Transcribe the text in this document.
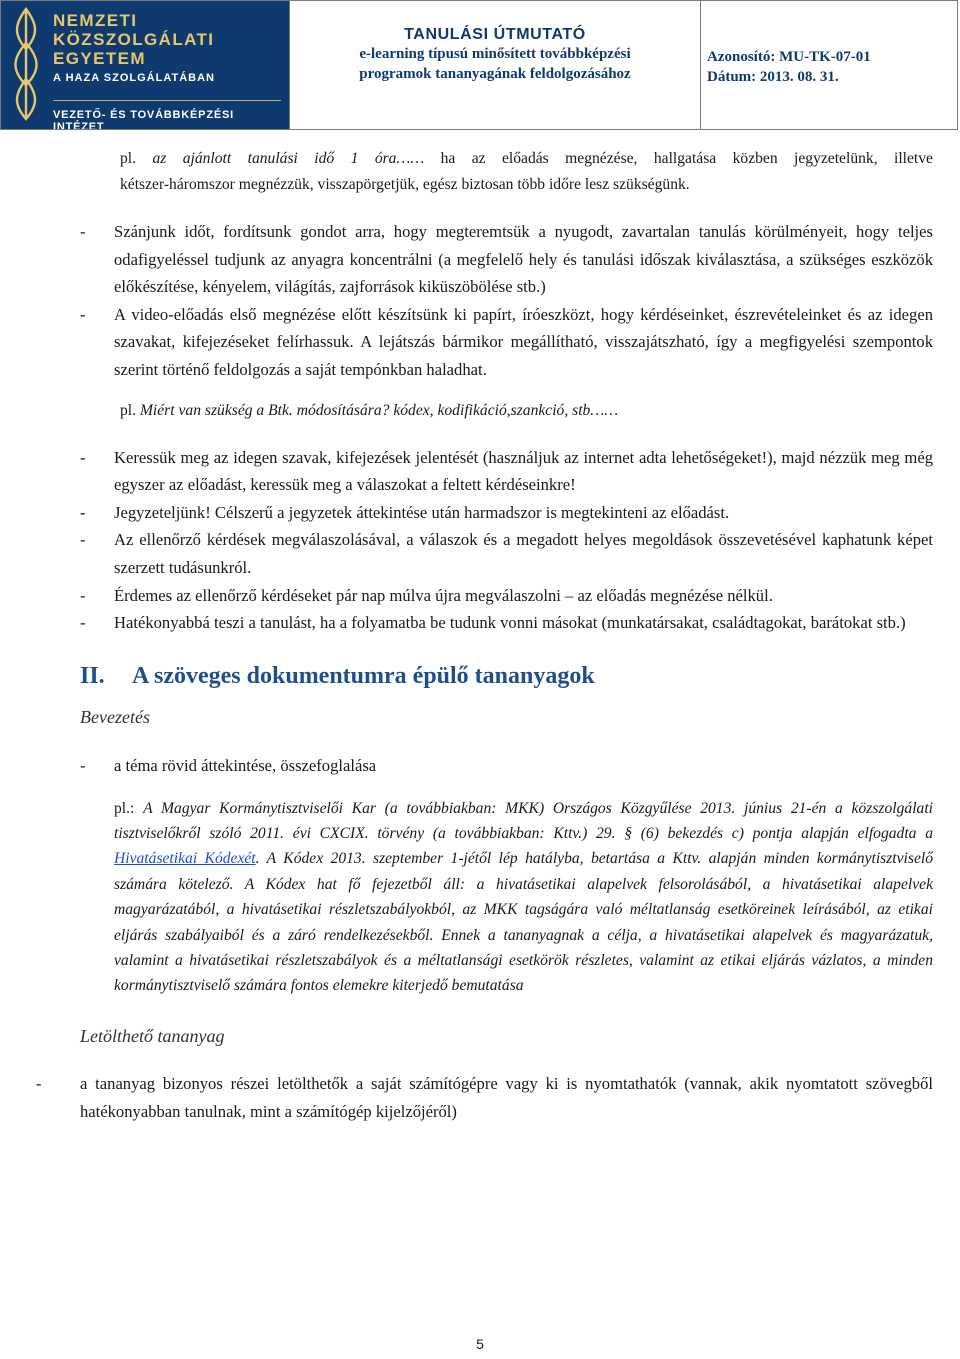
NEMZETI
KÖZSZOLGÁLATI EGYETEM
A HAZA SZOLGÁLATÁBAN
VEZETŐ- ÉS TOVÁBBKÉPZÉSI INTÉZET
TANULÁSI ÚTMUTATÓ
e-learning típusú minősített továbbképzési
programok tananyagának feldolgozásához
Azonosító: MU-TK-07-01
Dátum: 2013. 08. 31.

pl. az ajánlott tanulási idő 1 óra…… ha az előadás megnézése, hallgatása közben jegyzetelünk, illetve

kétszer-háromszor megnézzük, visszapörgetjük, egész biztosan több időre lesz szükségünk.

- Szánjunk időt, fordítsunk gondot arra, hogy megteremtsük a nyugodt, zavartalan tanulás körülményeit, hogy teljes odafigyeléssel tudjunk az anyagra koncentrálni (a megfelelő hely és tanulási időszak kiválasztása, a szükséges eszközök előkészítése, kényelem, világítás, zajforrások kiküszöbölése stb.)

- A video-előadás első megnézése előtt készítsünk ki papírt, íróeszközt, hogy kérdéseinket, észrevételeinket és az idegen szavakat, kifejezéseket felírhassuk. A lejátszás bármikor megállítható, visszajátszható, így a megfigyelési szempontok szerint történő feldolgozás a saját tempónkban haladhat.

pl. Miért van szükség a Btk. módosítására? kódex, kodifikáció,szankció, stb……

- Keressük meg az idegen szavak, kifejezések jelentését (használjuk az internet adta lehetőségeket!), majd nézzük meg még egyszer az előadást, keressük meg a válaszokat a feltett kérdéseinkre!

- Jegyzeteljünk! Célszerű a jegyzetek áttekintése után harmadszor is megtekinteni az előadást.

- Az ellenőrző kérdések megválaszolásával, a válaszok és a megadott helyes megoldások összevetésével kaphatunk képet szerzett tudásunkról.

- Érdemes az ellenőrző kérdéseket pár nap múlva újra megválaszolni – az előadás megnézése nélkül.

- Hatékonyabbá teszi a tanulást, ha a folyamatba be tudunk vonni másokat (munkatársakat, családtagokat, barátokat stb.)

II. A szöveges dokumentumra épülő tananyagok

Bevezetés

- a téma rövid áttekintése, összefoglalása

pl.: A Magyar Kormánytisztviselői Kar (a továbbiakban: MKK) Országos Közgyűlése 2013. június 21-én a közszolgálati tisztviselőkről szóló 2011. évi CXCIX. törvény (a továbbiakban: Kttv.) 29. § (6) bekezdés c) pontja alapján elfogadta a Hivatásetikai Kódexét. A Kódex 2013. szeptember 1-jétől lép hatályba, betartása a Kttv. alapján minden kormánytisztviselő számára kötelező. A Kódex hat fő fejezetből áll: a hivatásetikai alapelvek felsorolásából, a hivatásetikai alapelvek magyarázatából, a hivatásetikai részletszabályokból, az MKK tagságára való méltatlanság esetköreinek leírásából, az etikai eljárás szabályaiból és a záró rendelkezésekből. Ennek a tananyagnak a célja, a hivatásetikai alapelvek és magyarázatuk, valamint a hivatásetikai részletszabályok és a méltatlansági esetkörök részletes, valamint az etikai eljárás vázlatos, a minden kormánytisztviselő számára fontos elemekre kiterjedő bemutatása

Letölthető tananyag

- a tananyag bizonyos részei letölthetők a saját számítógépre vagy ki is nyomtathatók (vannak, akik nyomtatott szövegből hatékonyabban tanulnak, mint a számítógép kijelzőjéről)

5
